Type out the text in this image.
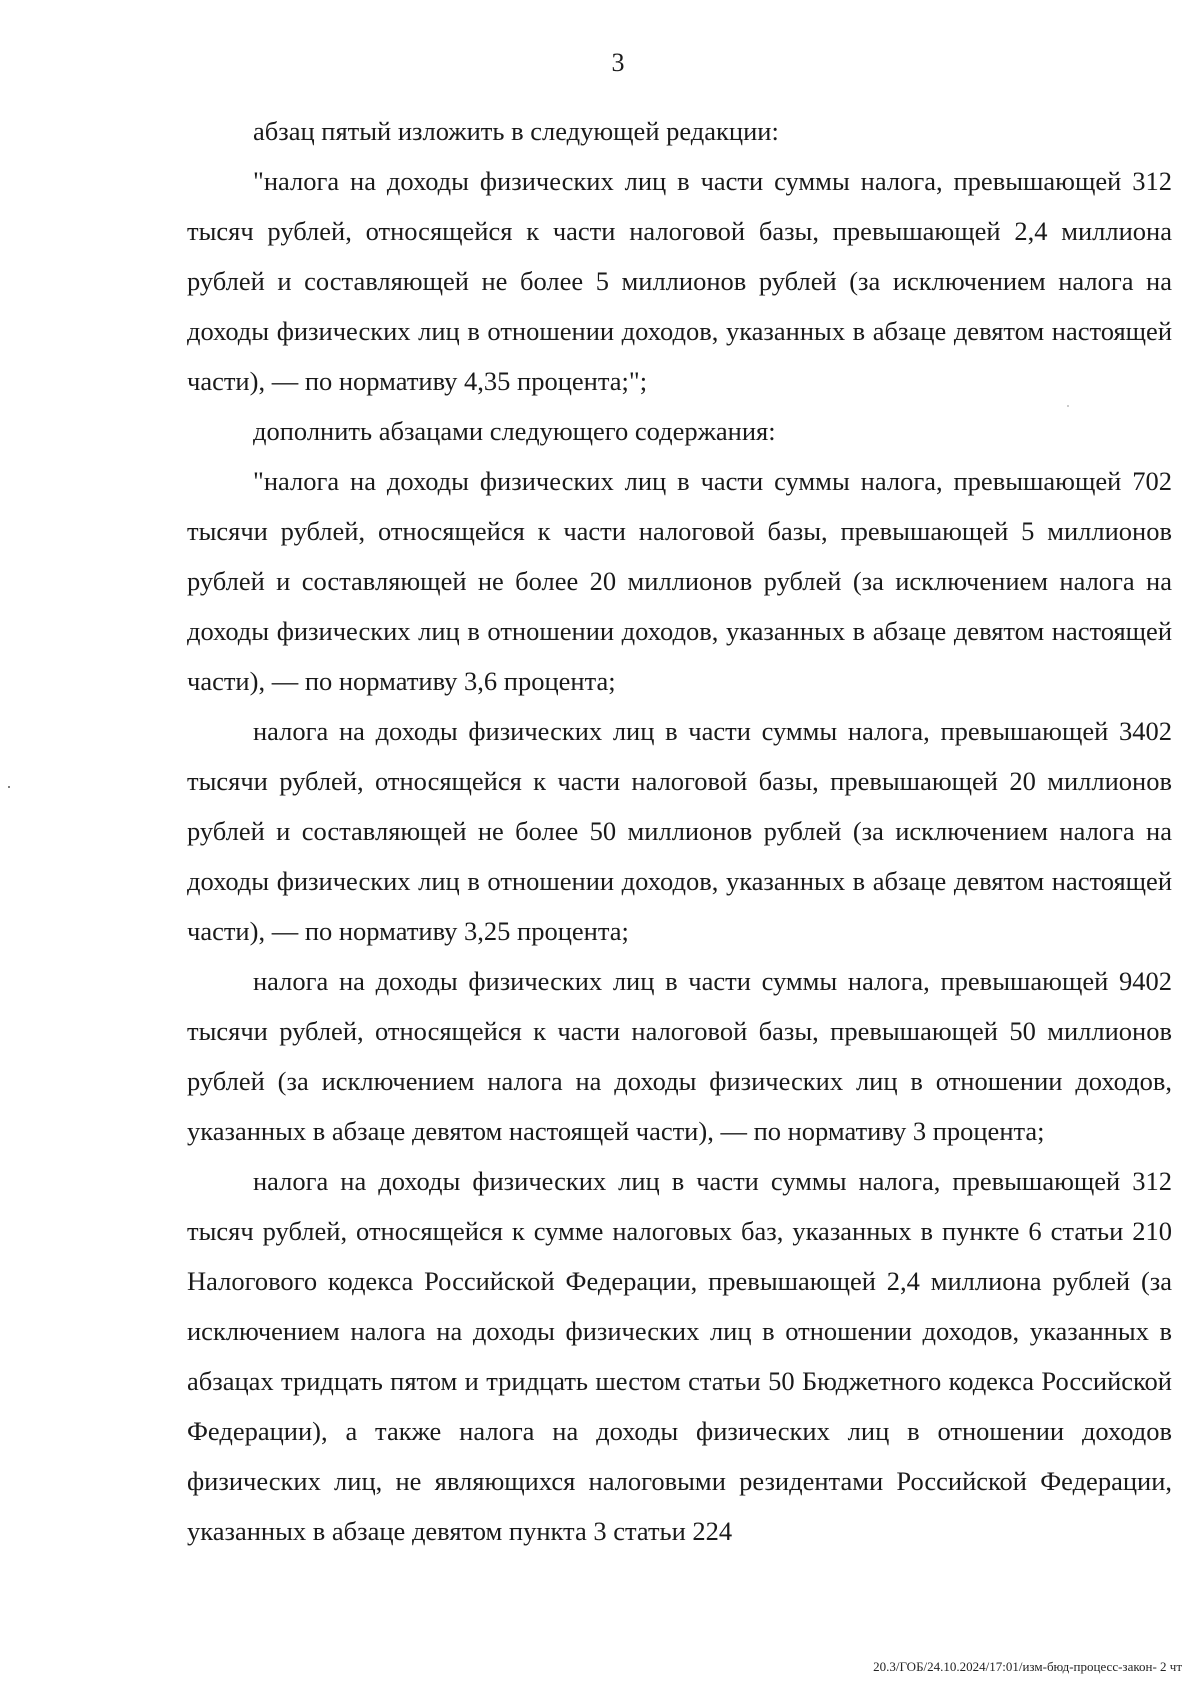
3

абзац пятый изложить в следующей редакции:

"налога на доходы физических лиц в части суммы налога, превышающей 312 тысяч рублей, относящейся к части налоговой базы, превышающей 2,4 миллиона рублей и составляющей не более 5 миллионов рублей (за исключением налога на доходы физических лиц в отношении доходов, указанных в абзаце девятом настоящей части), — по нормативу 4,35 процента;";

дополнить абзацами следующего содержания:

"налога на доходы физических лиц в части суммы налога, превышающей 702 тысячи рублей, относящейся к части налоговой базы, превышающей 5 миллионов рублей и составляющей не более 20 миллионов рублей (за исключением налога на доходы физических лиц в отношении доходов, указанных в абзаце девятом настоящей части), — по нормативу 3,6 процента;

налога на доходы физических лиц в части суммы налога, превышающей 3402 тысячи рублей, относящейся к части налоговой базы, превышающей 20 миллионов рублей и составляющей не более 50 миллионов рублей (за исключением налога на доходы физических лиц в отношении доходов, указанных в абзаце девятом настоящей части), — по нормативу 3,25 процента;

налога на доходы физических лиц в части суммы налога, превышающей 9402 тысячи рублей, относящейся к части налоговой базы, превышающей 50 миллионов рублей (за исключением налога на доходы физических лиц в отношении доходов, указанных в абзаце девятом настоящей части), — по нормативу 3 процента;

налога на доходы физических лиц в части суммы налога, превышающей 312 тысяч рублей, относящейся к сумме налоговых баз, указанных в пункте 6 статьи 210 Налогового кодекса Российской Федерации, превышающей 2,4 миллиона рублей (за исключением налога на доходы физических лиц в отношении доходов, указанных в абзацах тридцать пятом и тридцать шестом статьи 50 Бюджетного кодекса Российской Федерации), а также налога на доходы физических лиц в отношении доходов физических лиц, не являющихся налоговыми резидентами Российской Федерации, указанных в абзаце девятом пункта 3 статьи 224

20.3/ГОБ/24.10.2024/17:01/изм-бюд-процесс-закон- 2 чт
